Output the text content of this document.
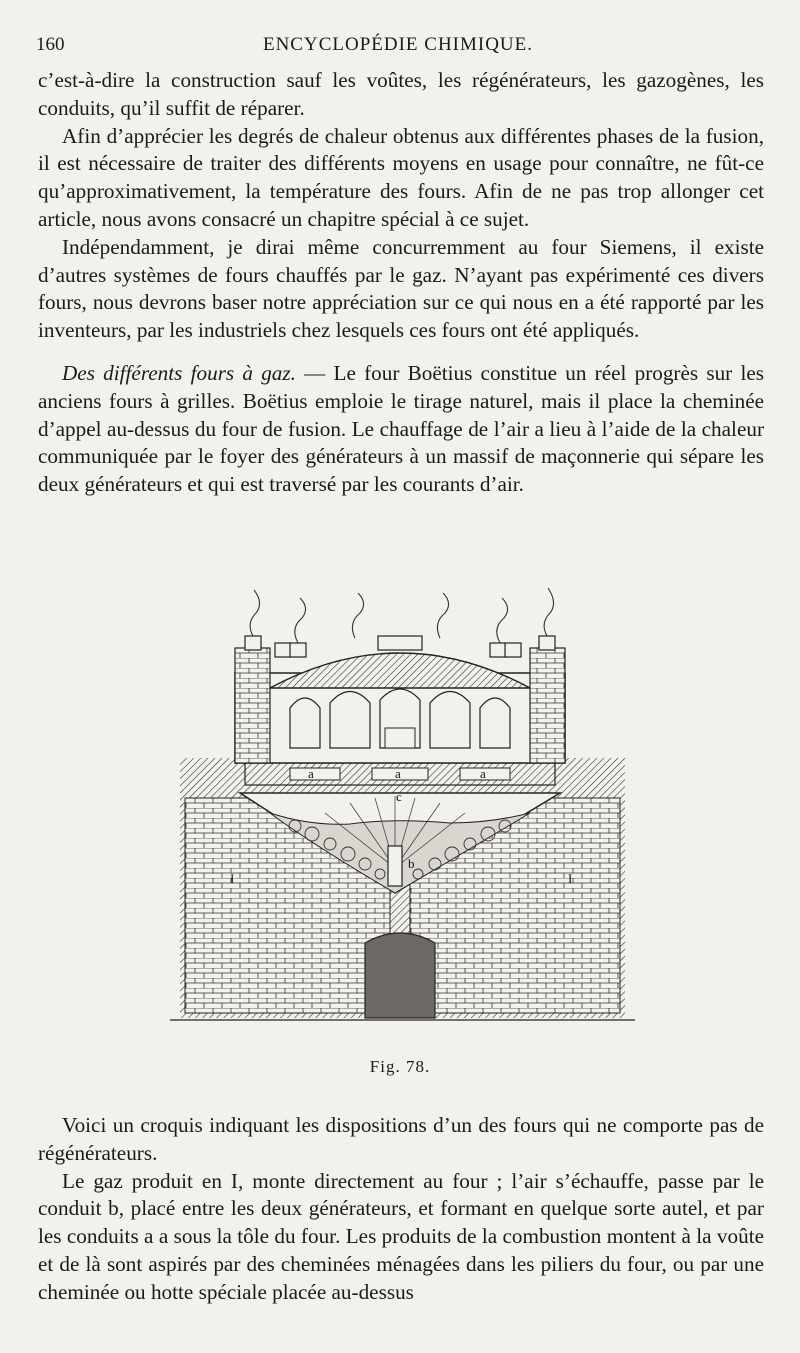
160	ENCYCLOPÉDIE CHIMIQUE.

c’est-à-dire la construction sauf les voûtes, les régénérateurs, les gazogènes, les conduits, qu’il suffit de réparer.

Afin d’apprécier les degrés de chaleur obtenus aux différentes phases de la fusion, il est nécessaire de traiter des différents moyens en usage pour connaître, ne fût-ce qu’approximativement, la température des fours. Afin de ne pas trop allonger cet article, nous avons consacré un chapitre spécial à ce sujet.

Indépendamment, je dirai même concurremment au four Siemens, il existe d’autres systèmes de fours chauffés par le gaz. N’ayant pas expérimenté ces divers fours, nous devrons baser notre appréciation sur ce qui nous en a été rapporté par les inventeurs, par les industriels chez lesquels ces fours ont été appliqués.

Des différents fours à gaz. — Le four Boëtius constitue un réel progrès sur les anciens fours à grilles. Boëtius emploie le tirage naturel, mais il place la cheminée d’appel au-dessus du four de fusion. Le chauffage de l’air a lieu à l’aide de la chaleur communiquée par le foyer des générateurs à un massif de maçonnerie qui sépare les deux générateurs et qui est traversé par les courants d’air.

a	a	a
c
b
I	I
Fig. 78.

Voici un croquis indiquant les dispositions d’un des fours qui ne comporte pas de régénérateurs.

Le gaz produit en I, monte directement au four ; l’air s’échauffe, passe par le conduit b, placé entre les deux générateurs, et formant en quelque sorte autel, et par les conduits a a sous la tôle du four. Les produits de la combustion montent à la voûte et de là sont aspirés par des cheminées ménagées dans les piliers du four, ou par une cheminée ou hotte spéciale placée au-dessus
